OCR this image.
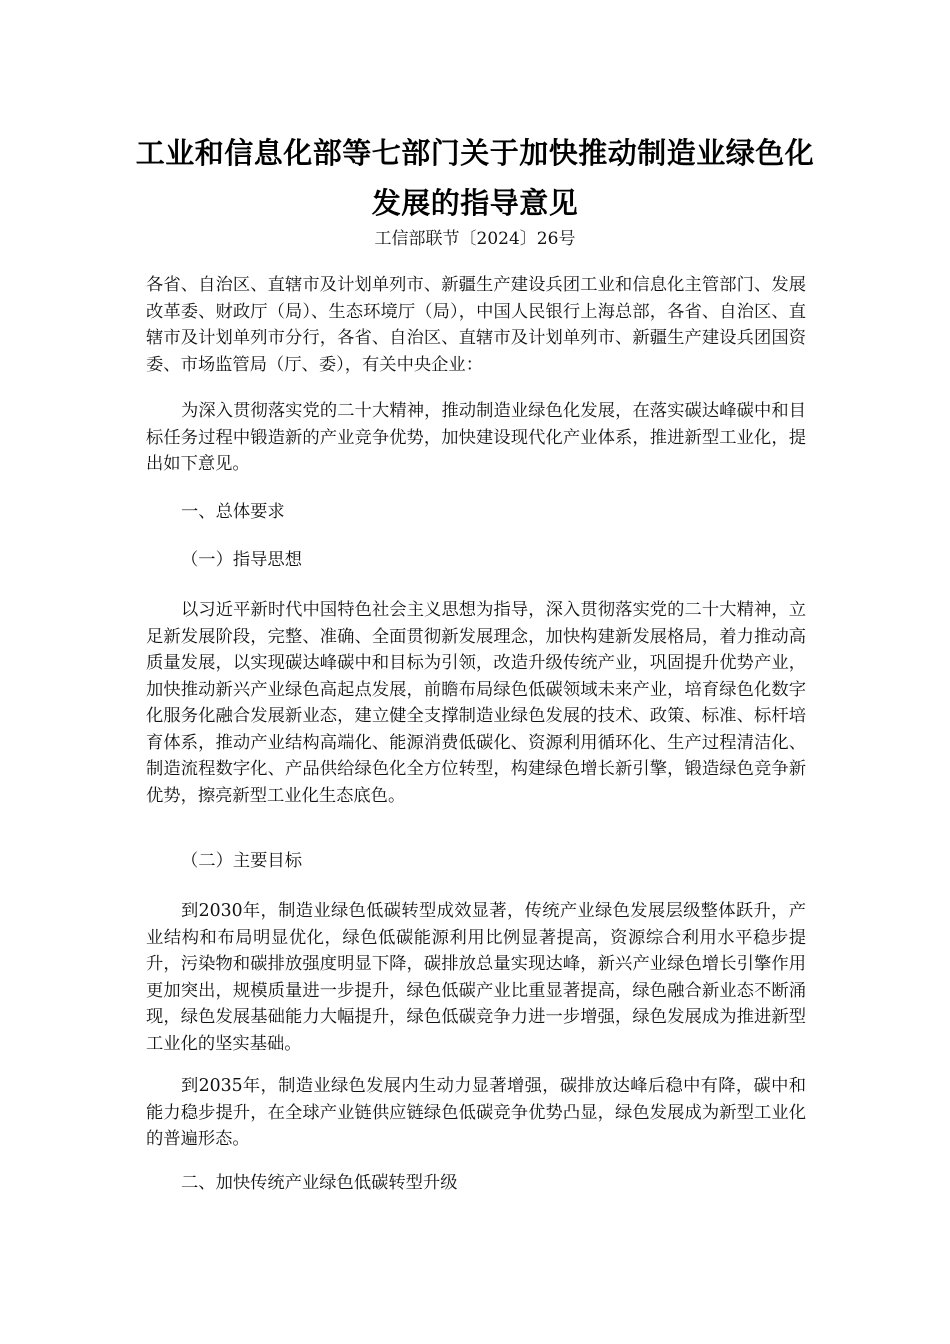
工业和信息化部等七部门关于加快推动制造业绿色化
发展的指导意见
工信部联节〔2024〕26号

各省、自治区、直辖市及计划单列市、新疆生产建设兵团工业和信息化主管部门、发展改革委、财政厅（局）、生态环境厅（局），中国人民银行上海总部，各省、自治区、直辖市及计划单列市分行，各省、自治区、直辖市及计划单列市、新疆生产建设兵团国资委、市场监管局（厅、委），有关中央企业：

为深入贯彻落实党的二十大精神，推动制造业绿色化发展，在落实碳达峰碳中和目标任务过程中锻造新的产业竞争优势，加快建设现代化产业体系，推进新型工业化，提出如下意见。

一、总体要求

（一）指导思想

以习近平新时代中国特色社会主义思想为指导，深入贯彻落实党的二十大精神，立足新发展阶段，完整、准确、全面贯彻新发展理念，加快构建新发展格局，着力推动高质量发展，以实现碳达峰碳中和目标为引领，改造升级传统产业，巩固提升优势产业，加快推动新兴产业绿色高起点发展，前瞻布局绿色低碳领域未来产业，培育绿色化数字化服务化融合发展新业态，建立健全支撑制造业绿色发展的技术、政策、标准、标杆培育体系，推动产业结构高端化、能源消费低碳化、资源利用循环化、生产过程清洁化、制造流程数字化、产品供给绿色化全方位转型，构建绿色增长新引擎，锻造绿色竞争新优势，擦亮新型工业化生态底色。

（二）主要目标

到2030年，制造业绿色低碳转型成效显著，传统产业绿色发展层级整体跃升，产业结构和布局明显优化，绿色低碳能源利用比例显著提高，资源综合利用水平稳步提升，污染物和碳排放强度明显下降，碳排放总量实现达峰，新兴产业绿色增长引擎作用更加突出，规模质量进一步提升，绿色低碳产业比重显著提高，绿色融合新业态不断涌现，绿色发展基础能力大幅提升，绿色低碳竞争力进一步增强，绿色发展成为推进新型工业化的坚实基础。

到2035年，制造业绿色发展内生动力显著增强，碳排放达峰后稳中有降，碳中和能力稳步提升，在全球产业链供应链绿色低碳竞争优势凸显，绿色发展成为新型工业化的普遍形态。

二、加快传统产业绿色低碳转型升级
